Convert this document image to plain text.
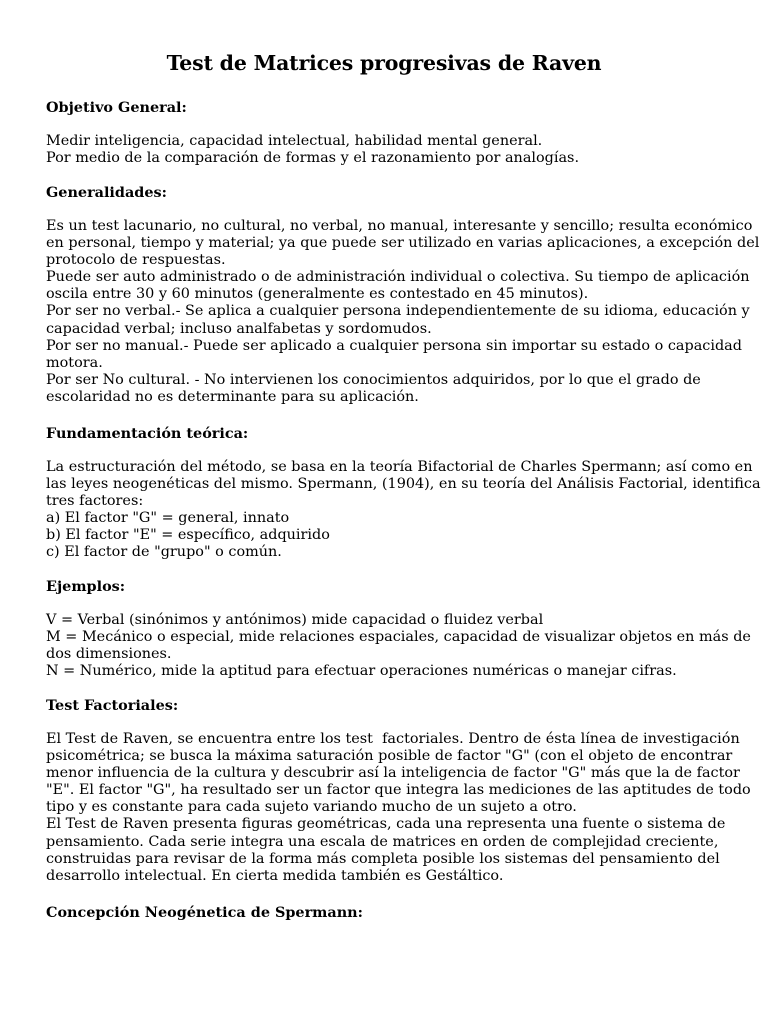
Test de Matrices progresivas de Raven
Objetivo General:
Medir inteligencia, capacidad intelectual, habilidad mental general.
Por medio de la comparación de formas y el razonamiento por analogías.
Generalidades:
Es un test lacunario, no cultural, no verbal, no manual, interesante y sencillo; resulta económico
en personal, tiempo y material; ya que puede ser utilizado en varias aplicaciones, a excepción del
protocolo de respuestas.
Puede ser auto administrado o de administración individual o colectiva. Su tiempo de aplicación
oscila entre 30 y 60 minutos (generalmente es contestado en 45 minutos).
Por ser no verbal.- Se aplica a cualquier persona independientemente de su idioma, educación y
capacidad verbal; incluso analfabetas y sordomudos.
Por ser no manual.- Puede ser aplicado a cualquier persona sin importar su estado o capacidad
motora.
Por ser No cultural. - No intervienen los conocimientos adquiridos, por lo que el grado de
escolaridad no es determinante para su aplicación.
Fundamentación teórica:
La estructuración del método, se basa en la teoría Bifactorial de Charles Spermann; así como en
las leyes neogenéticas del mismo. Spermann, (1904), en su teoría del Análisis Factorial, identifica
tres factores:
a) El factor "G" = general, innato
b) El factor "E" = específico, adquirido
c) El factor de "grupo" o común.
Ejemplos:
V = Verbal (sinónimos y antónimos) mide capacidad o fluidez verbal
M = Mecánico o especial, mide relaciones espaciales, capacidad de visualizar objetos en más de
dos dimensiones.
N = Numérico, mide la aptitud para efectuar operaciones numéricas o manejar cifras.
Test Factoriales:
El Test de Raven, se encuentra entre los test  factoriales. Dentro de ésta línea de investigación
psicométrica; se busca la máxima saturación posible de factor "G" (con el objeto de encontrar
menor influencia de la cultura y descubrir así la inteligencia de factor "G" más que la de factor
"E". El factor "G", ha resultado ser un factor que integra las mediciones de las aptitudes de todo
tipo y es constante para cada sujeto variando mucho de un sujeto a otro.
El Test de Raven presenta figuras geométricas, cada una representa una fuente o sistema de
pensamiento. Cada serie integra una escala de matrices en orden de complejidad creciente,
construidas para revisar de la forma más completa posible los sistemas del pensamiento del
desarrollo intelectual. En cierta medida también es Gestáltico.
Concepción Neogénetica de Spermann:
